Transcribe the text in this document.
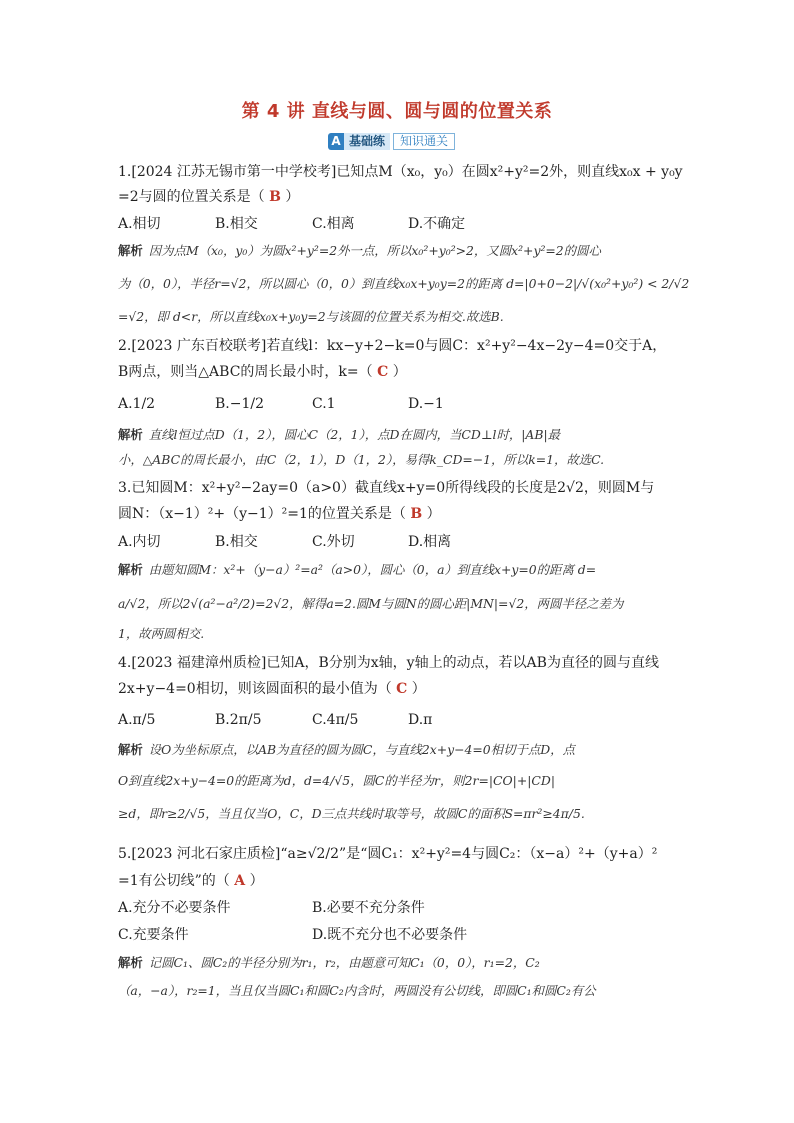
第 4 讲 直线与圆、圆与圆的位置关系
A 基础练	知识通关
1.[2024 江苏无锡市第一中学校考]已知点M（x₀，y₀）在圆x²+y²=2外，则直线x₀x + y₀y
=2与圆的位置关系是（ B ）
A.相切	B.相交	C.相离	D.不确定
解析 因为点M（x₀，y₀）为圆x²+y²=2外一点，所以x₀²+y₀²>2，又圆x²+y²=2的圆心
为（0，0），半径r=√2，所以圆心（0，0）到直线x₀x+y₀y=2的距离 d=|0+0−2|/√(x₀²+y₀²) < 2/√2
=√2，即 d<r，所以直线x₀x+y₀y=2与该圆的位置关系为相交.故选B.
2.[2023 广东百校联考]若直线l：kx−y+2−k=0与圆C：x²+y²−4x−2y−4=0交于A，
B两点，则当△ABC的周长最小时，k=（ C ）
A.1/2	B.−1/2	C.1	D.−1
解析 直线l恒过点D（1，2），圆心C（2，1），点D在圆内，当CD⊥l时，|AB|最
小，△ABC的周长最小，由C（2，1），D（1，2），易得k_CD=−1，所以k=1，故选C.
3.已知圆M：x²+y²−2ay=0（a>0）截直线x+y=0所得线段的长度是2√2，则圆M与
圆N：（x−1）²+（y−1）²=1的位置关系是（ B ）
A.内切	B.相交	C.外切	D.相离
解析 由题知圆M：x²+（y−a）²=a²（a>0），圆心（0，a）到直线x+y=0的距离 d=
a/√2，所以2√(a²−a²/2)=2√2，解得a=2.圆M与圆N的圆心距|MN|=√2，两圆半径之差为
1，故两圆相交.
4.[2023 福建漳州质检]已知A，B分别为x轴，y轴上的动点，若以AB为直径的圆与直线
2x+y−4=0相切，则该圆面积的最小值为（ C ）
A.π/5	B.2π/5	C.4π/5	D.π
解析 设O为坐标原点，以AB为直径的圆为圆C，与直线2x+y−4=0相切于点D，点
O到直线2x+y−4=0的距离为d，d=4/√5，圆C的半径为r，则2r=|CO|+|CD|
≥d，即r≥2/√5，当且仅当O，C，D三点共线时取等号，故圆C的面积S=πr²≥4π/5.
5.[2023 河北石家庄质检]“a≥√2/2”是“圆C₁：x²+y²=4与圆C₂：（x−a）²+（y+a）²
=1有公切线”的（ A ）
A.充分不必要条件	B.必要不充分条件
C.充要条件	D.既不充分也不必要条件
解析 记圆C₁、圆C₂的半径分别为r₁，r₂，由题意可知C₁（0，0），r₁=2，C₂
（a，−a），r₂=1，当且仅当圆C₁和圆C₂内含时，两圆没有公切线，即圆C₁和圆C₂有公
